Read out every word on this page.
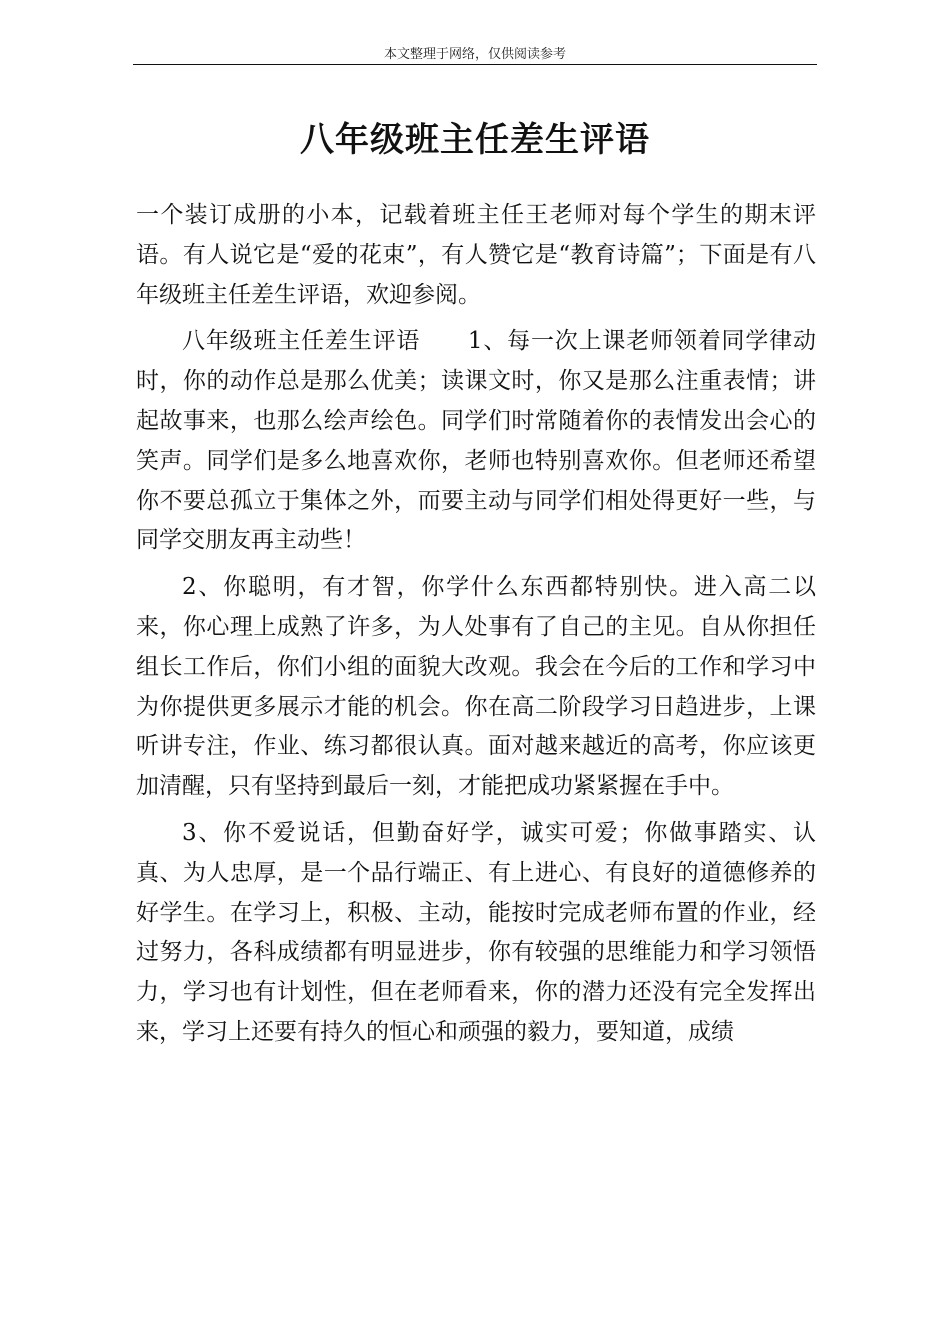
本文整理于网络，仅供阅读参考
八年级班主任差生评语

一个装订成册的小本，记载着班主任王老师对每个学生的期末评语。有人说它是“爱的花束”，有人赞它是“教育诗篇”；下面是有八年级班主任差生评语，欢迎参阅。

八年级班主任差生评语　　1、每一次上课老师领着同学律动时，你的动作总是那么优美；读课文时，你又是那么注重表情；讲起故事来，也那么绘声绘色。同学们时常随着你的表情发出会心的笑声。同学们是多么地喜欢你，老师也特别喜欢你。但老师还希望你不要总孤立于集体之外，而要主动与同学们相处得更好一些，与同学交朋友再主动些！

2、你聪明，有才智，你学什么东西都特别快。进入高二以来，你心理上成熟了许多，为人处事有了自己的主见。自从你担任组长工作后，你们小组的面貌大改观。我会在今后的工作和学习中为你提供更多展示才能的机会。你在高二阶段学习日趋进步，上课听讲专注，作业、练习都很认真。面对越来越近的高考，你应该更加清醒，只有坚持到最后一刻，才能把成功紧紧握在手中。

3、你不爱说话，但勤奋好学，诚实可爱；你做事踏实、认真、为人忠厚，是一个品行端正、有上进心、有良好的道德修养的好学生。在学习上，积极、主动，能按时完成老师布置的作业，经过努力，各科成绩都有明显进步，你有较强的思维能力和学习领悟力，学习也有计划性，但在老师看来，你的潜力还没有完全发挥出来，学习上还要有持久的恒心和顽强的毅力，要知道，成绩
